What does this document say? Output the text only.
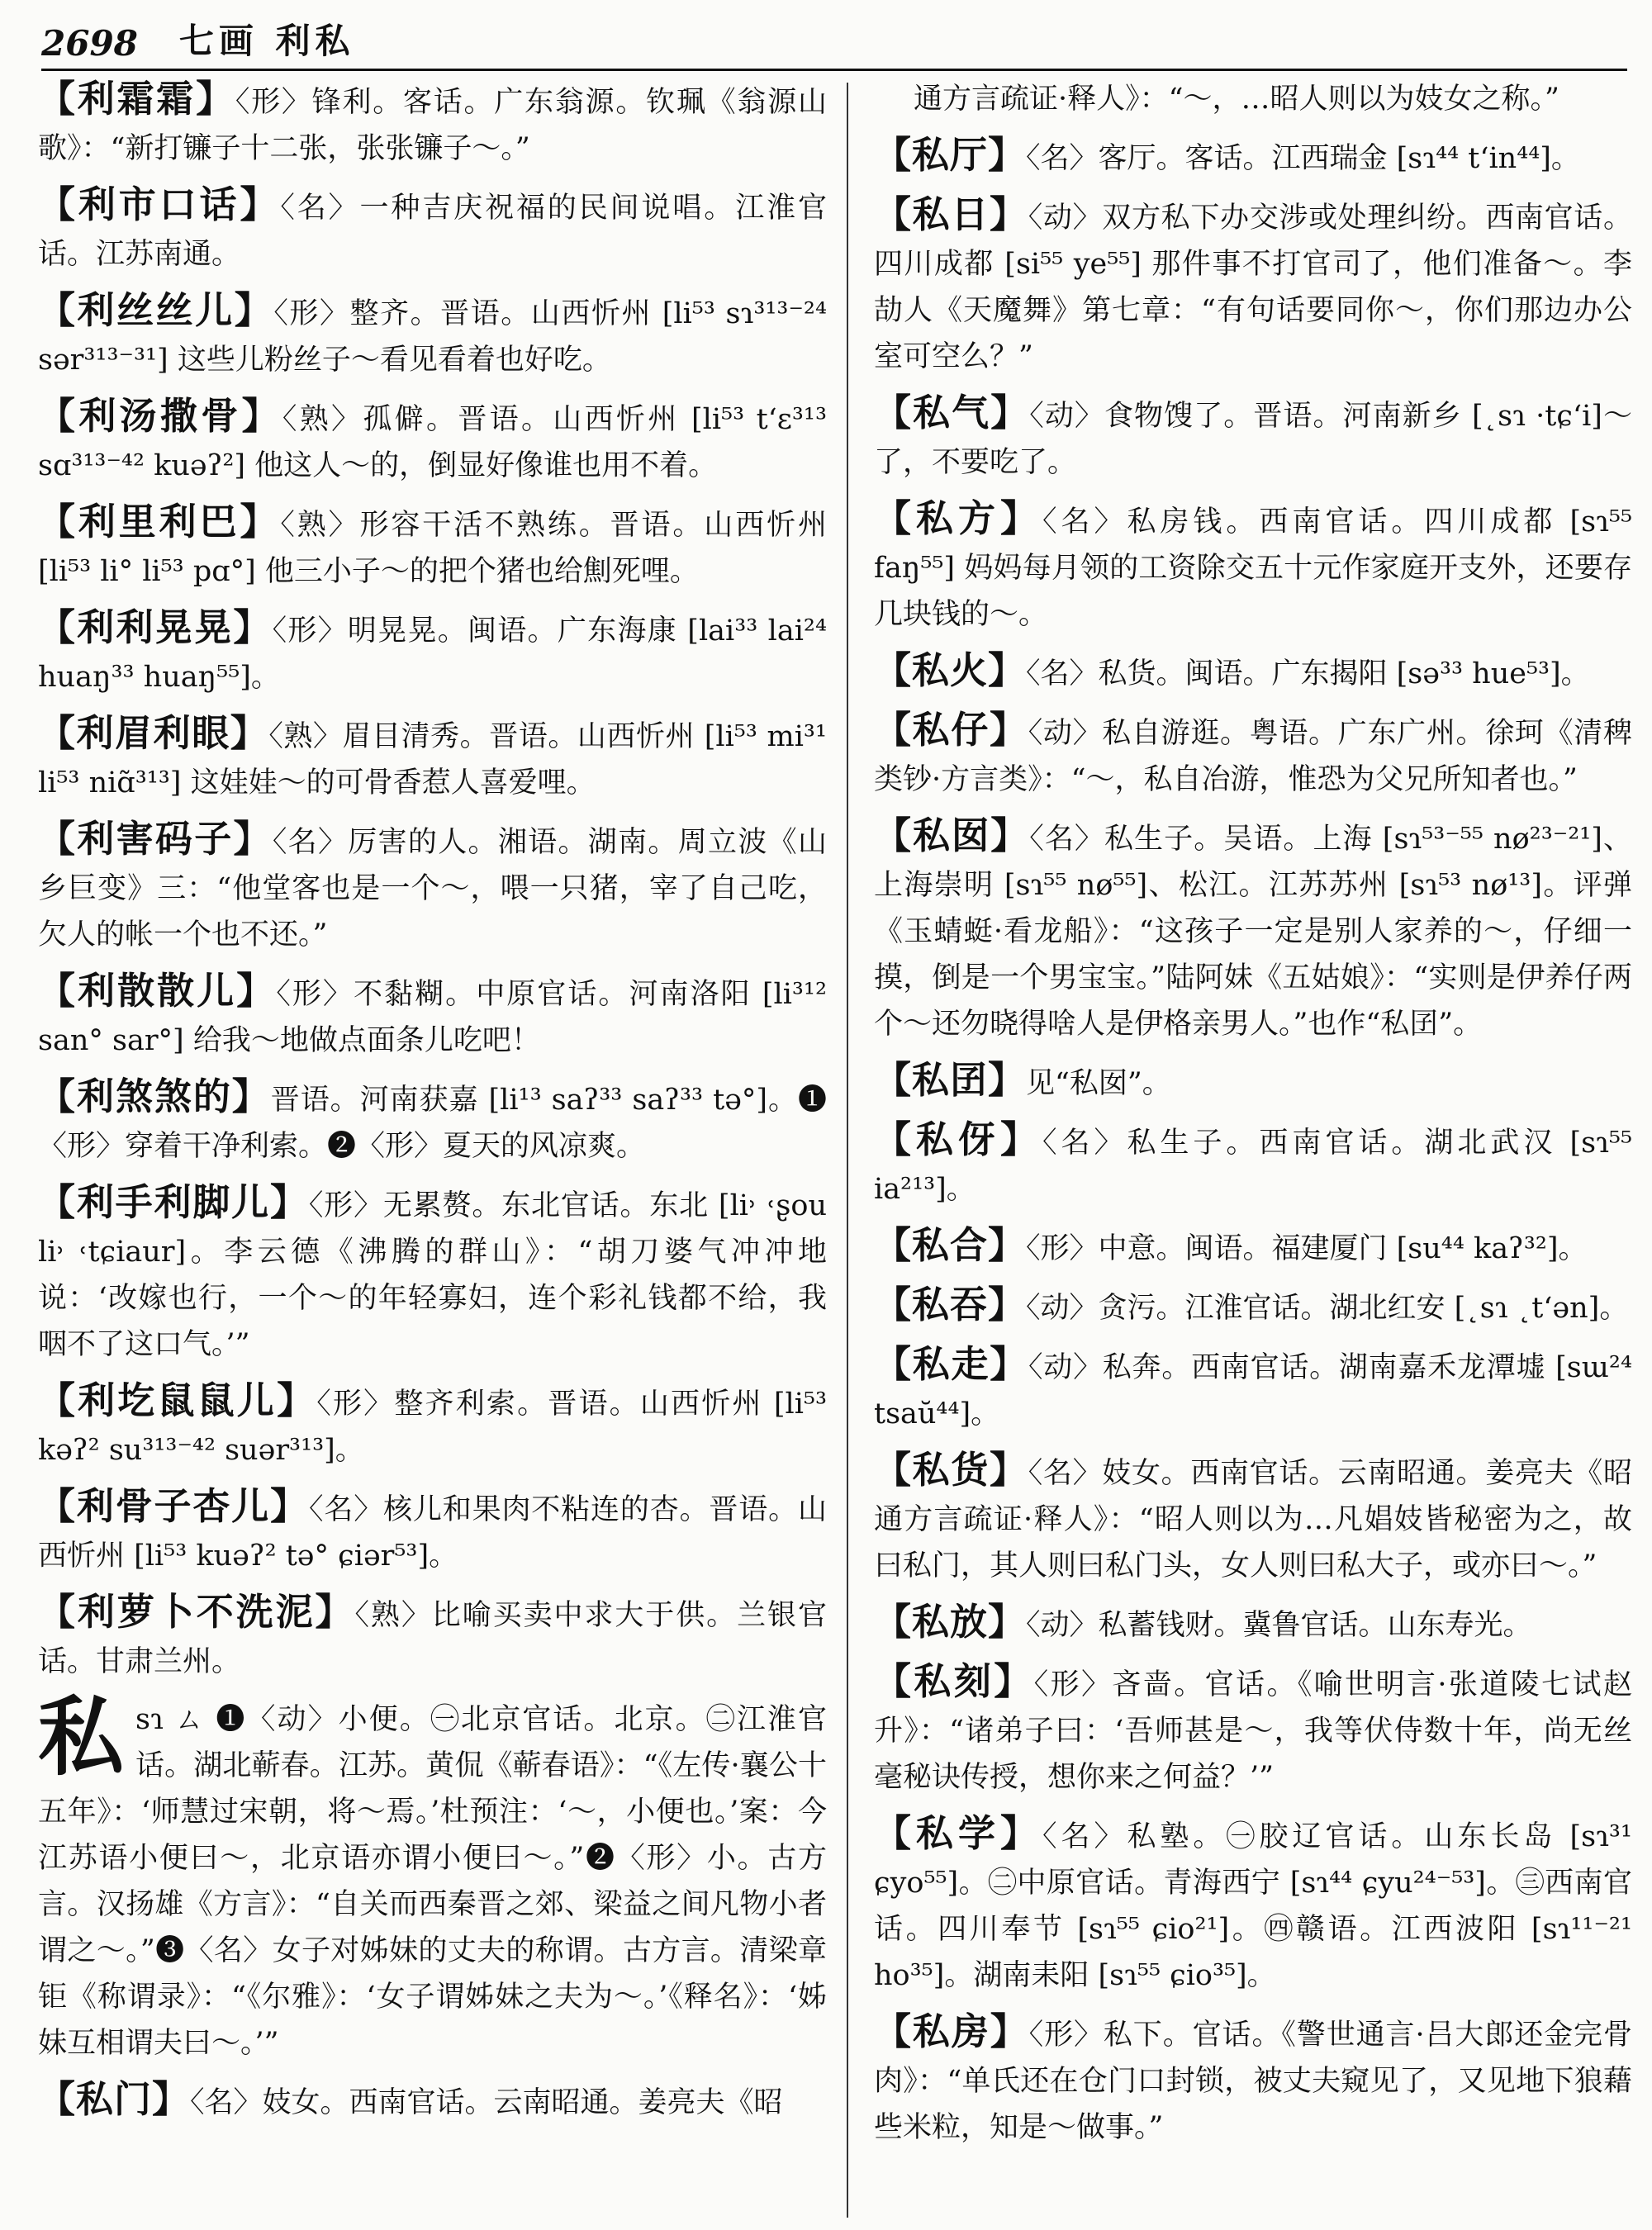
2698 七画 利私
【利霜霜】〈形〉锋利。客话。广东翁源。钦珮《翁源山歌》：“新打镰子十二张，张张镰子～。”
【利市口话】〈名〉一种吉庆祝福的民间说唱。江淮官话。江苏南通。
【利丝丝儿】〈形〉整齐。晋语。山西忻州 [li⁵³ sɿ³¹³⁻²⁴ sər³¹³⁻³¹] 这些儿粉丝子～看见看着也好吃。
【利汤撒骨】〈熟〉孤僻。晋语。山西忻州 [li⁵³ t‘ɛ³¹³ sɑ³¹³⁻⁴² kuəʔ²] 他这人～的，倒显好像谁也用不着。
【利里利巴】〈熟〉形容干活不熟练。晋语。山西忻州 [li⁵³ li° li⁵³ pɑ°] 他三小子～的把个猪也给劁死哩。
【利利晃晃】〈形〉明晃晃。闽语。广东海康 [lai³³ lai²⁴ huaŋ³³ huaŋ⁵⁵]。
【利眉利眼】〈熟〉眉目清秀。晋语。山西忻州 [li⁵³ mi³¹ li⁵³ niɑ̃³¹³] 这娃娃～的可骨香惹人喜爱哩。
【利害码子】〈名〉厉害的人。湘语。湖南。周立波《山乡巨变》三：“他堂客也是一个～，喂一只猪，宰了自己吃，欠人的帐一个也不还。”
【利散散儿】〈形〉不黏糊。中原官话。河南洛阳 [li³¹² san° sar°] 给我～地做点面条儿吃吧！
【利煞煞的】晋语。河南获嘉 [li¹³ saʔ³³ saʔ³³ tə°]。❶〈形〉穿着干净利索。❷〈形〉夏天的风凉爽。
【利手利脚儿】〈形〉无累赘。东北官话。东北 [li˒ ˓ʂou li˒ ˓tɕiaur]。李云德《沸腾的群山》：“胡刀婆气冲冲地说：‘改嫁也行，一个～的年轻寡妇，连个彩礼钱都不给，我咽不了这口气。’”
【利圪鼠鼠儿】〈形〉整齐利索。晋语。山西忻州 [li⁵³ kəʔ² su³¹³⁻⁴² suər³¹³]。
【利骨子杏儿】〈名〉核儿和果肉不粘连的杏。晋语。山西忻州 [li⁵³ kuəʔ² tə° ɕiər⁵³]。
【利萝卜不洗泥】〈熟〉比喻买卖中求大于供。兰银官话。甘肃兰州。
私 sɿ ㄙ ❶〈动〉小便。㊀北京官话。北京。㊁江淮官话。湖北蕲春。江苏。黄侃《蕲春语》：“《左传·襄公十五年》：‘师慧过宋朝，将～焉。’杜预注：‘～，小便也。’案：今江苏语小便曰～，北京语亦谓小便曰～。”❷〈形〉小。古方言。汉扬雄《方言》：“自关而西秦晋之郊、梁益之间凡物小者谓之～。”❸〈名〉女子对姊妹的丈夫的称谓。古方言。清梁章钜《称谓录》：“《尔雅》：‘女子谓姊妹之夫为～。’《释名》：‘姊妹互相谓夫曰～。’”
【私门】〈名〉妓女。西南官话。云南昭通。姜亮夫《昭
通方言疏证·释人》：“～，…昭人则以为妓女之称。”
【私厅】〈名〉客厅。客话。江西瑞金 [sɿ⁴⁴ t‘in⁴⁴]。
【私日】〈动〉双方私下办交涉或处理纠纷。西南官话。四川成都 [si⁵⁵ ye⁵⁵] 那件事不打官司了，他们准备～。李劼人《天魔舞》第七章：“有句话要同你～，你们那边办公室可空么？”
【私气】〈动〉食物馊了。晋语。河南新乡 [˛sɿ ·tɕ‘i]～了，不要吃了。
【私方】〈名〉私房钱。西南官话。四川成都 [sɿ⁵⁵ faŋ⁵⁵] 妈妈每月领的工资除交五十元作家庭开支外，还要存几块钱的～。
【私火】〈名〉私货。闽语。广东揭阳 [sə³³ hue⁵³]。
【私仔】〈动〉私自游逛。粤语。广东广州。徐珂《清稗类钞·方言类》：“～，私自冶游，惟恐为父兄所知者也。”
【私囡】〈名〉私生子。吴语。上海 [sɿ⁵³⁻⁵⁵ nø²³⁻²¹]、上海崇明 [sɿ⁵⁵ nø⁵⁵]、松江。江苏苏州 [sɿ⁵³ nø¹³]。评弹《玉蜻蜓·看龙船》：“这孩子一定是别人家养的～，仔细一摸，倒是一个男宝宝。”陆阿妹《五姑娘》：“实则是伊养仔两个～还勿晓得啥人是伊格亲男人。”也作“私囝”。
【私囝】见“私囡”。
【私伢】〈名〉私生子。西南官话。湖北武汉 [sɿ⁵⁵ ia²¹³]。
【私合】〈形〉中意。闽语。福建厦门 [su⁴⁴ kaʔ³²]。
【私吞】〈动〉贪污。江淮官话。湖北红安 [˛sɿ ˛t‘ən]。
【私走】〈动〉私奔。西南官话。湖南嘉禾龙潭墟 [sɯ²⁴ tsaŭ⁴⁴]。
【私货】〈名〉妓女。西南官话。云南昭通。姜亮夫《昭通方言疏证·释人》：“昭人则以为…凡娼妓皆秘密为之，故曰私门，其人则曰私门头，女人则曰私大子，或亦曰～。”
【私放】〈动〉私蓄钱财。冀鲁官话。山东寿光。
【私刻】〈形〉吝啬。官话。《喻世明言·张道陵七试赵升》：“诸弟子曰：‘吾师甚是～，我等伏侍数十年，尚无丝毫秘诀传授，想你来之何益？’”
【私学】〈名〉私塾。㊀胶辽官话。山东长岛 [sɿ³¹ ɕyo⁵⁵]。㊁中原官话。青海西宁 [sɿ⁴⁴ ɕyu²⁴⁻⁵³]。㊂西南官话。四川奉节 [sɿ⁵⁵ ɕio²¹]。㊃赣语。江西波阳 [sɿ¹¹⁻²¹ ho³⁵]。湖南耒阳 [sɿ⁵⁵ ɕio³⁵]。
【私房】〈形〉私下。官话。《警世通言·吕大郎还金完骨肉》：“单氏还在仓门口封锁，被丈夫窥见了，又见地下狼藉些米粒，知是～做事。”
